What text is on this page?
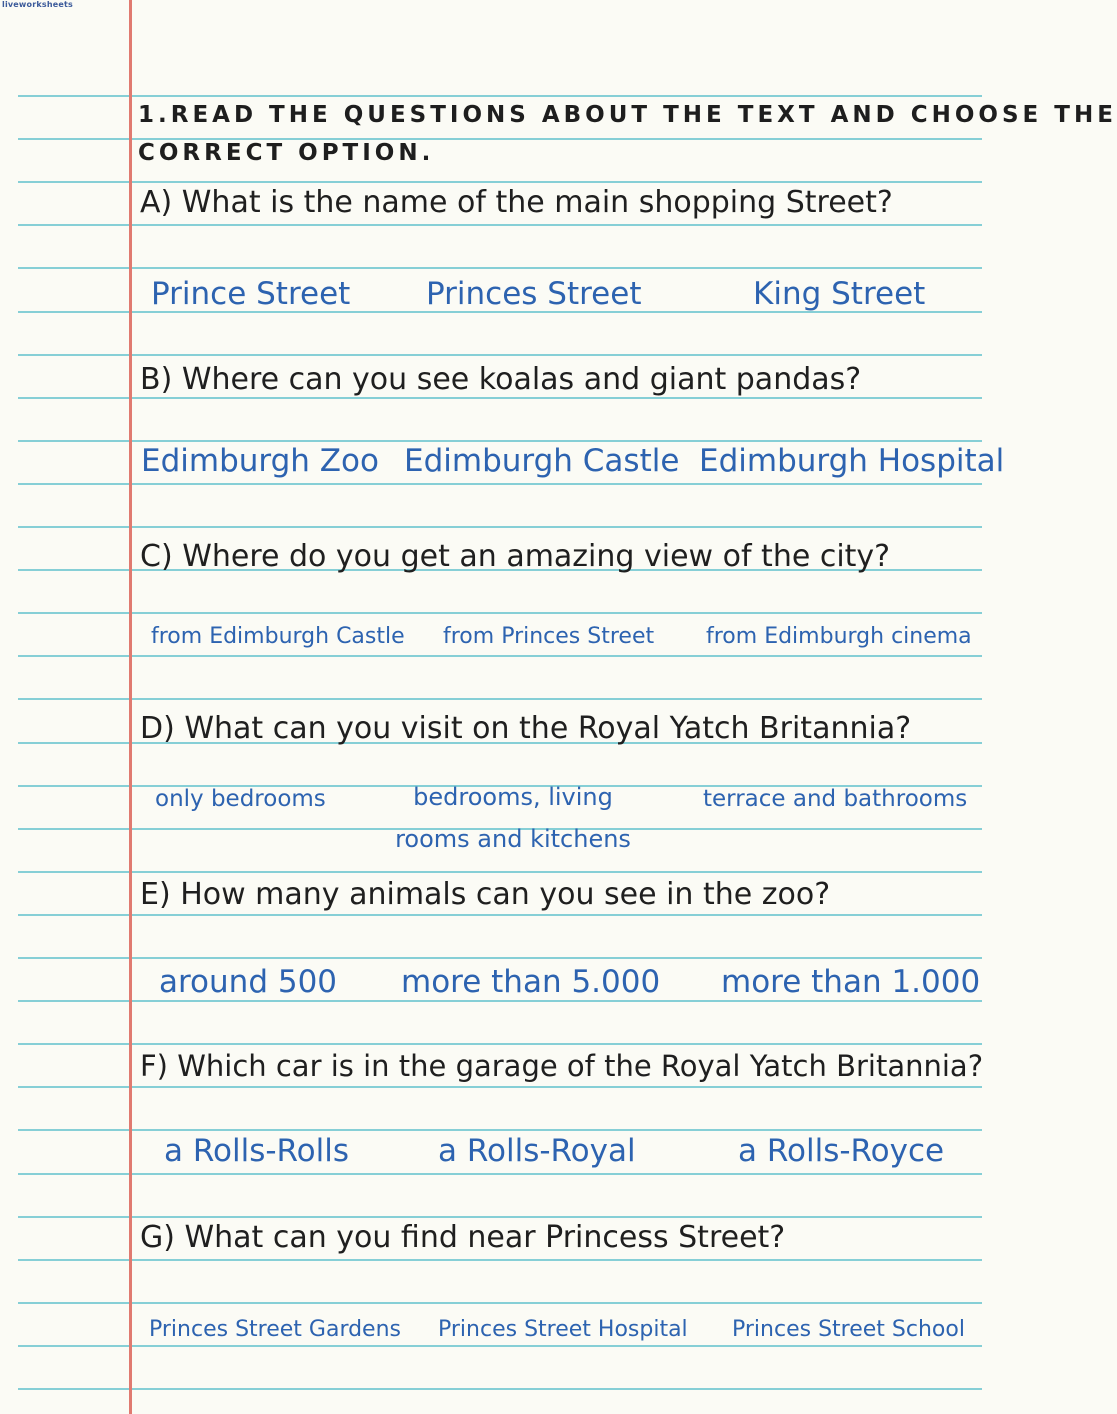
liveworksheets
1.READ THE QUESTIONS ABOUT THE TEXT AND CHOOSE THE
CORRECT OPTION.
A) What is the name of the main shopping Street?
Prince Street Princes Street	King Street
B) Where can you see koalas and giant pandas?
Edimburgh Zoo Edimburgh Castle Edimburgh Hospital
C) Where do you get an amazing view of the city?
from Edimburgh Castle from Princes Street from Edimburgh cinema
D) What can you visit on the Royal Yatch Britannia?
only bedrooms	bedrooms, living rooms and kitchens
terrace and bathrooms
E) How many animals can you see in the zoo?
around 500 more than 5.000 more than 1.000
F) Which car is in the garage of the Royal Yatch Britannia?
a Rolls-Rolls	a Rolls-Royal	a Rolls-Royce
G) What can you find near Princess Street?
Princes Street Gardens Princes Street Hospital Princes Street School
